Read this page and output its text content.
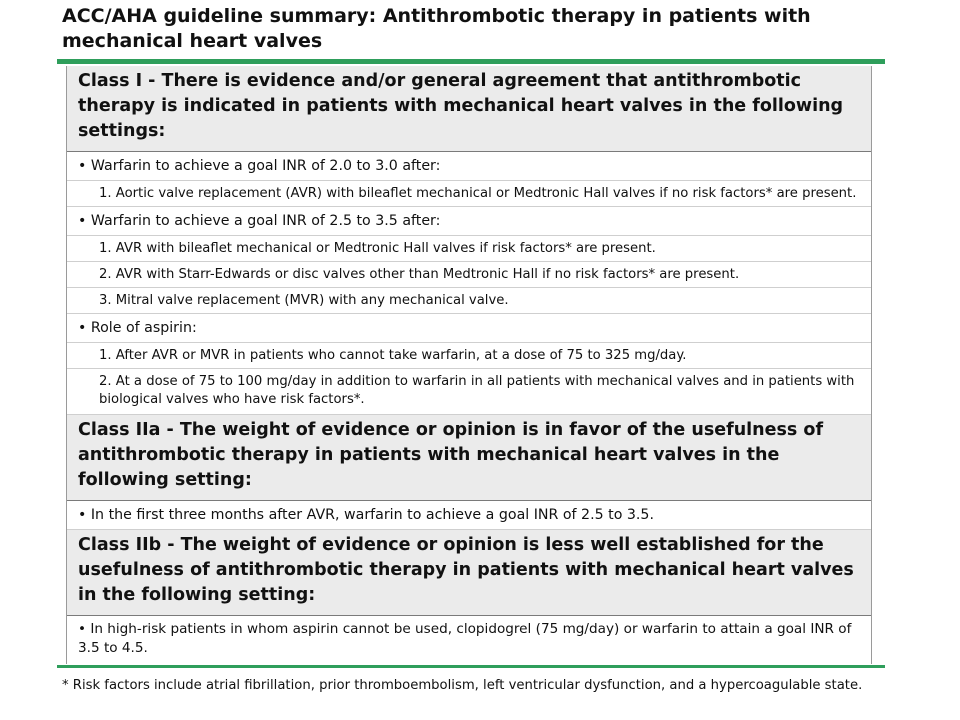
ACC/AHA guideline summary: Antithrombotic therapy in patients with mechanical heart valves
Class I - There is evidence and/or general agreement that antithrombotic therapy is indicated in patients with mechanical heart valves in the following settings:
• Warfarin to achieve a goal INR of 2.0 to 3.0 after:
1. Aortic valve replacement (AVR) with bileaflet mechanical or Medtronic Hall valves if no risk factors* are present.
• Warfarin to achieve a goal INR of 2.5 to 3.5 after:
1. AVR with bileaflet mechanical or Medtronic Hall valves if risk factors* are present.
2. AVR with Starr-Edwards or disc valves other than Medtronic Hall if no risk factors* are present.
3. Mitral valve replacement (MVR) with any mechanical valve.
• Role of aspirin:
1. After AVR or MVR in patients who cannot take warfarin, at a dose of 75 to 325 mg/day.
2. At a dose of 75 to 100 mg/day in addition to warfarin in all patients with mechanical valves and in patients with biological valves who have risk factors*.
Class IIa - The weight of evidence or opinion is in favor of the usefulness of antithrombotic therapy in patients with mechanical heart valves in the following setting:
• In the first three months after AVR, warfarin to achieve a goal INR of 2.5 to 3.5.
Class IIb - The weight of evidence or opinion is less well established for the usefulness of antithrombotic therapy in patients with mechanical heart valves in the following setting:
• In high-risk patients in whom aspirin cannot be used, clopidogrel (75 mg/day) or warfarin to attain a goal INR of 3.5 to 4.5.
* Risk factors include atrial fibrillation, prior thromboembolism, left ventricular dysfunction, and a hypercoagulable state.
